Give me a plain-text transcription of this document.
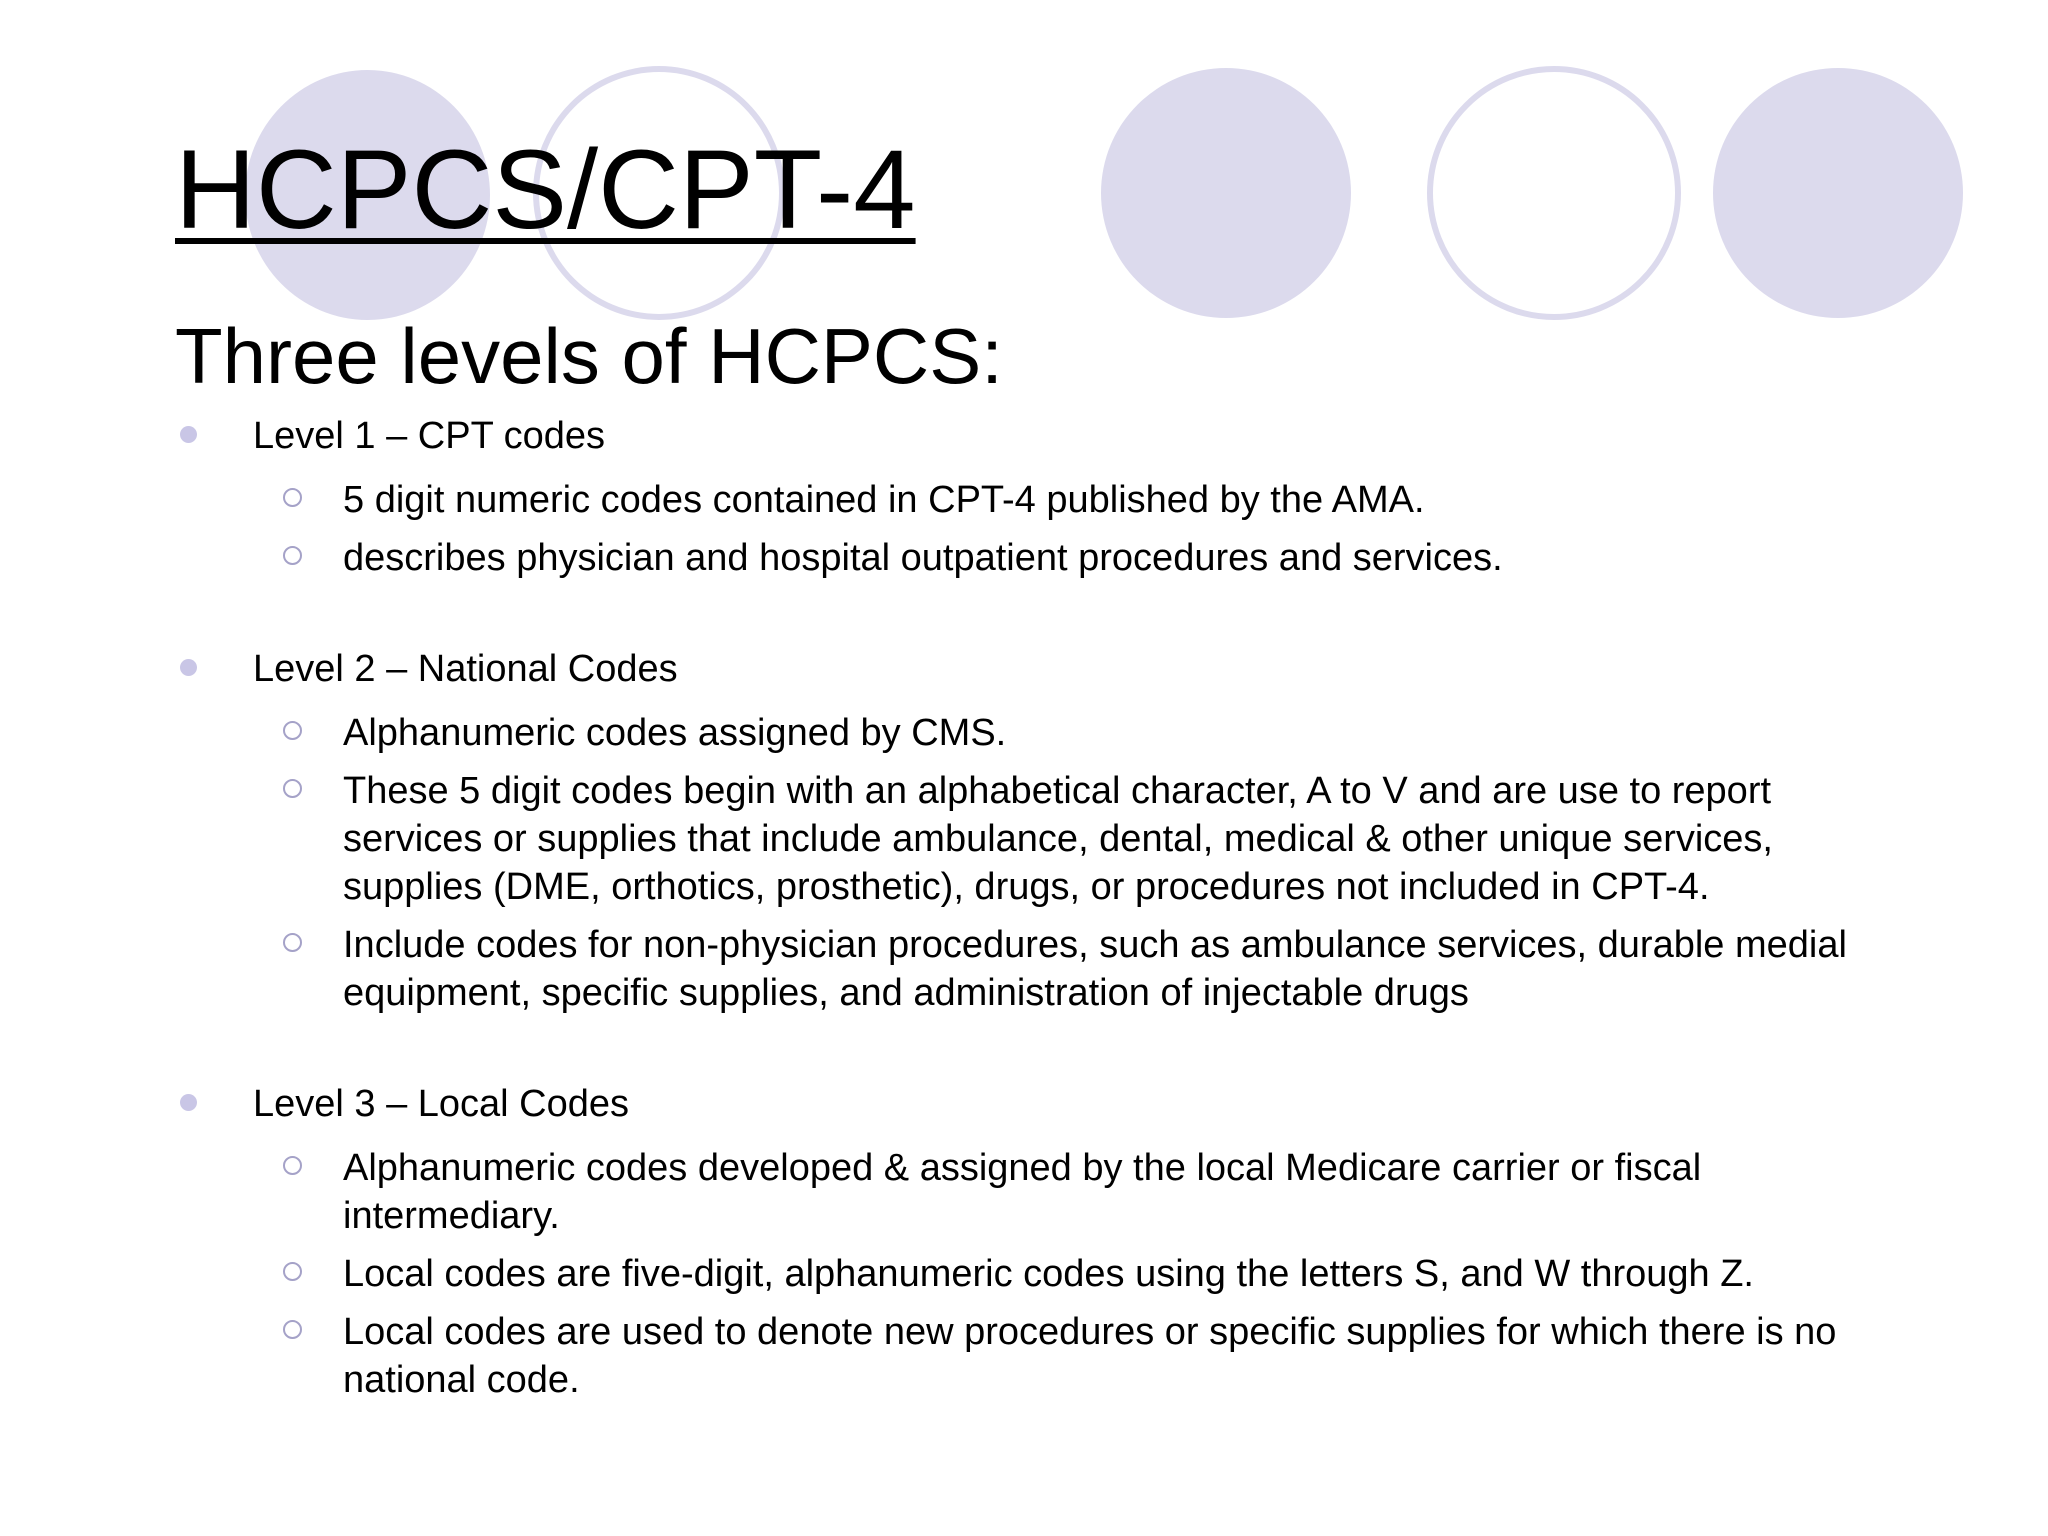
HCPCS/CPT-4
Three levels of HCPCS:
Level 1 – CPT codes
5 digit numeric codes contained in CPT-4 published by the AMA.
describes physician and hospital outpatient procedures and services.
Level 2 – National Codes
Alphanumeric codes assigned by CMS.
These 5 digit codes begin with an alphabetical character, A to V and are use to report services or supplies that include ambulance, dental, medical & other unique services, supplies (DME, orthotics, prosthetic), drugs, or procedures not included in CPT-4.
Include codes for non-physician procedures, such as ambulance services, durable medial equipment, specific supplies, and administration of injectable drugs
Level 3 – Local Codes
Alphanumeric codes developed & assigned by the local Medicare carrier or fiscal intermediary.
Local codes are five-digit, alphanumeric codes using the letters S, and W through Z.
Local codes are used to denote new procedures or specific supplies for which there is no national code.
